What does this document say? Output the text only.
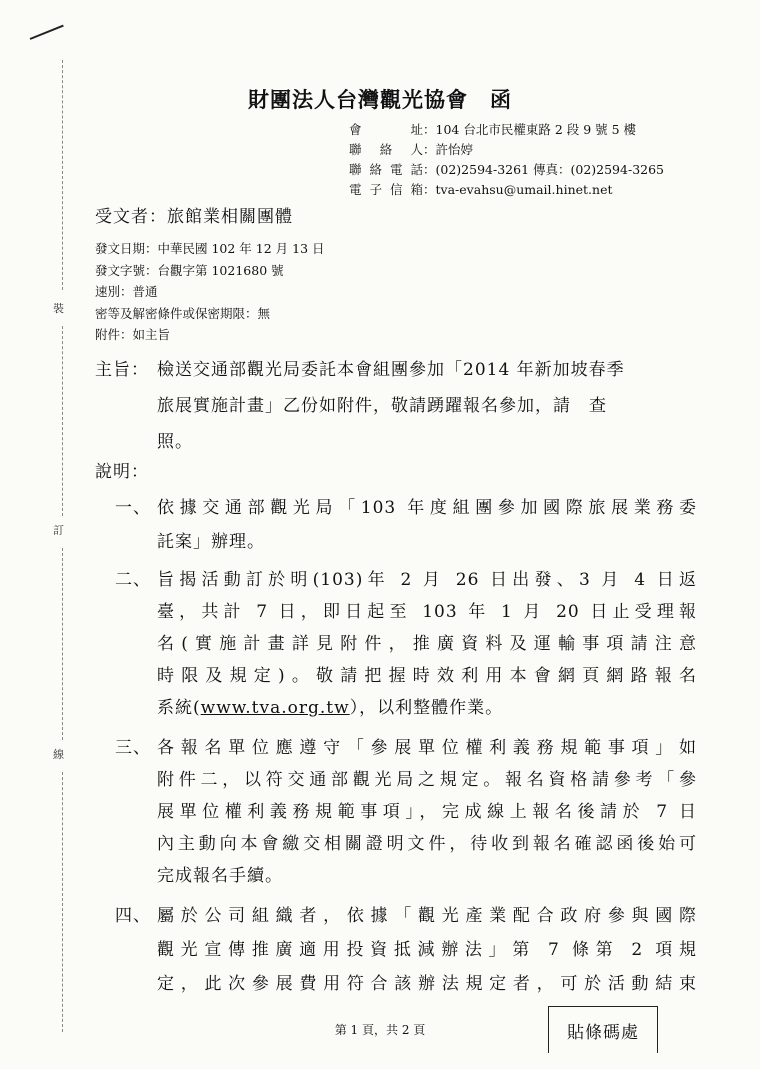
裝
訂
線
財團法人台灣觀光協會 函
會 址：104 台北市民權東路 2 段 9 號 5 樓
聯 絡 人：許怡婷
聯絡電話：(02)2594-3261 傳真：(02)2594-3265
電子信箱：tva-evahsu@umail.hinet.net
受文者：旅館業相關團體
發文日期：中華民國 102 年 12 月 13 日
發文字號：台觀字第 1021680 號
速別：普通
密等及解密條件或保密期限：無
附件：如主旨
主旨： 檢送交通部觀光局委託本會組團參加「2014 年新加坡春季
旅展實施計畫」乙份如附件，敬請踴躍報名參加，請　查
照。
說明：
一、 依據交通部觀光局「103 年度組團參加國際旅展業務委
託案」辦理。
二、 旨揭活動訂於明(103)年 2 月 26 日出發、3 月 4 日返
臺，共計 7 日，即日起至 103 年 1 月 20 日止受理報
名(實施計畫詳見附件，推廣資料及運輸事項請注意
時限及規定)。敬請把握時效利用本會網頁網路報名
系統(www.tva.org.tw），以利整體作業。
三、 各報名單位應遵守「參展單位權利義務規範事項」如
附件二，以符交通部觀光局之規定。報名資格請參考「參
展單位權利義務規範事項」，完成線上報名後請於 7 日
內主動向本會繳交相關證明文件，待收到報名確認函後始可
完成報名手續。
四、 屬於公司組織者，依據「觀光產業配合政府參與國際
觀光宣傳推廣適用投資抵減辦法」第 7 條第 2 項規
定，此次參展費用符合該辦法規定者，可於活動結束
第 1 頁，共 2 頁	貼條碼處
